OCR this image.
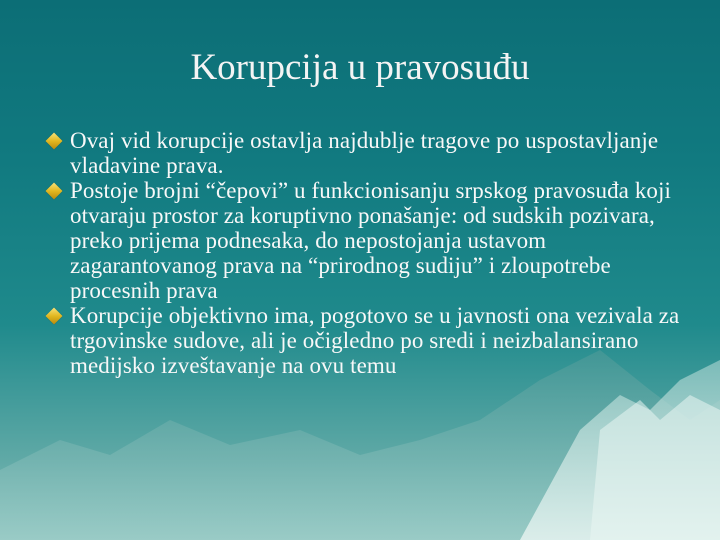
Korupcija u pravosuđu
Ovaj vid korupcije ostavlja najdublje tragove po uspostavljanje vladavine prava.
Postoje brojni “čepovi” u funkcionisanju srpskog pravosuđa koji otvaraju prostor za koruptivno ponašanje: od sudskih pozivara, preko prijema podnesaka, do nepostojanja ustavom zagarantovanog prava na “prirodnog sudiju” i zloupotrebe procesnih prava
Korupcije objektivno ima, pogotovo se u javnosti ona vezivala za trgovinske sudove, ali je očigledno po sredi i neizbalansirano medijsko izveštavanje na ovu temu
